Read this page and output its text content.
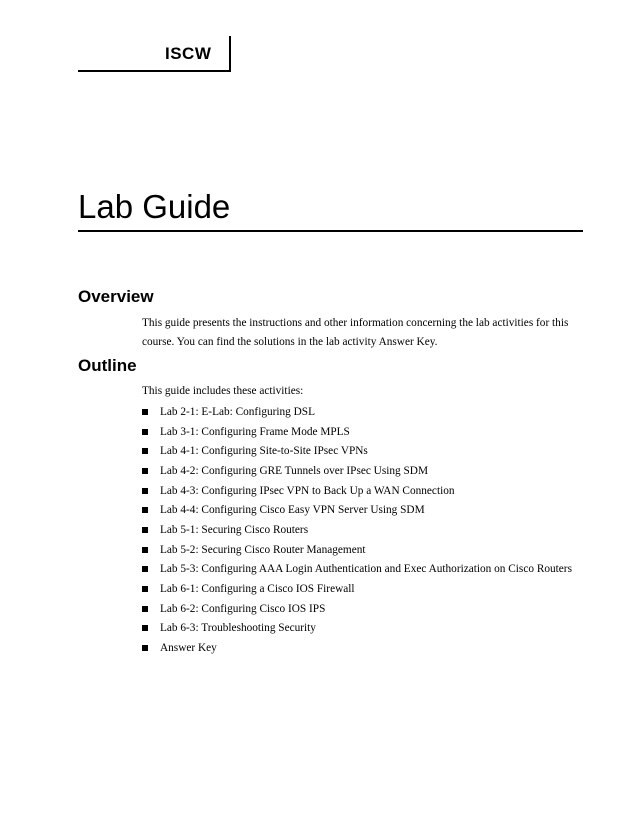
ISCW
Lab Guide
Overview
This guide presents the instructions and other information concerning the lab activities for this
course. You can find the solutions in the lab activity Answer Key.
Outline
This guide includes these activities:
Lab 2-1: E-Lab: Configuring DSL
Lab 3-1: Configuring Frame Mode MPLS
Lab 4-1: Configuring Site-to-Site IPsec VPNs
Lab 4-2: Configuring GRE Tunnels over IPsec Using SDM
Lab 4-3: Configuring IPsec VPN to Back Up a WAN Connection
Lab 4-4: Configuring Cisco Easy VPN Server Using SDM
Lab 5-1: Securing Cisco Routers
Lab 5-2: Securing Cisco Router Management
Lab 5-3: Configuring AAA Login Authentication and Exec Authorization on Cisco Routers
Lab 6-1: Configuring a Cisco IOS Firewall
Lab 6-2: Configuring Cisco IOS IPS
Lab 6-3: Troubleshooting Security
Answer Key
